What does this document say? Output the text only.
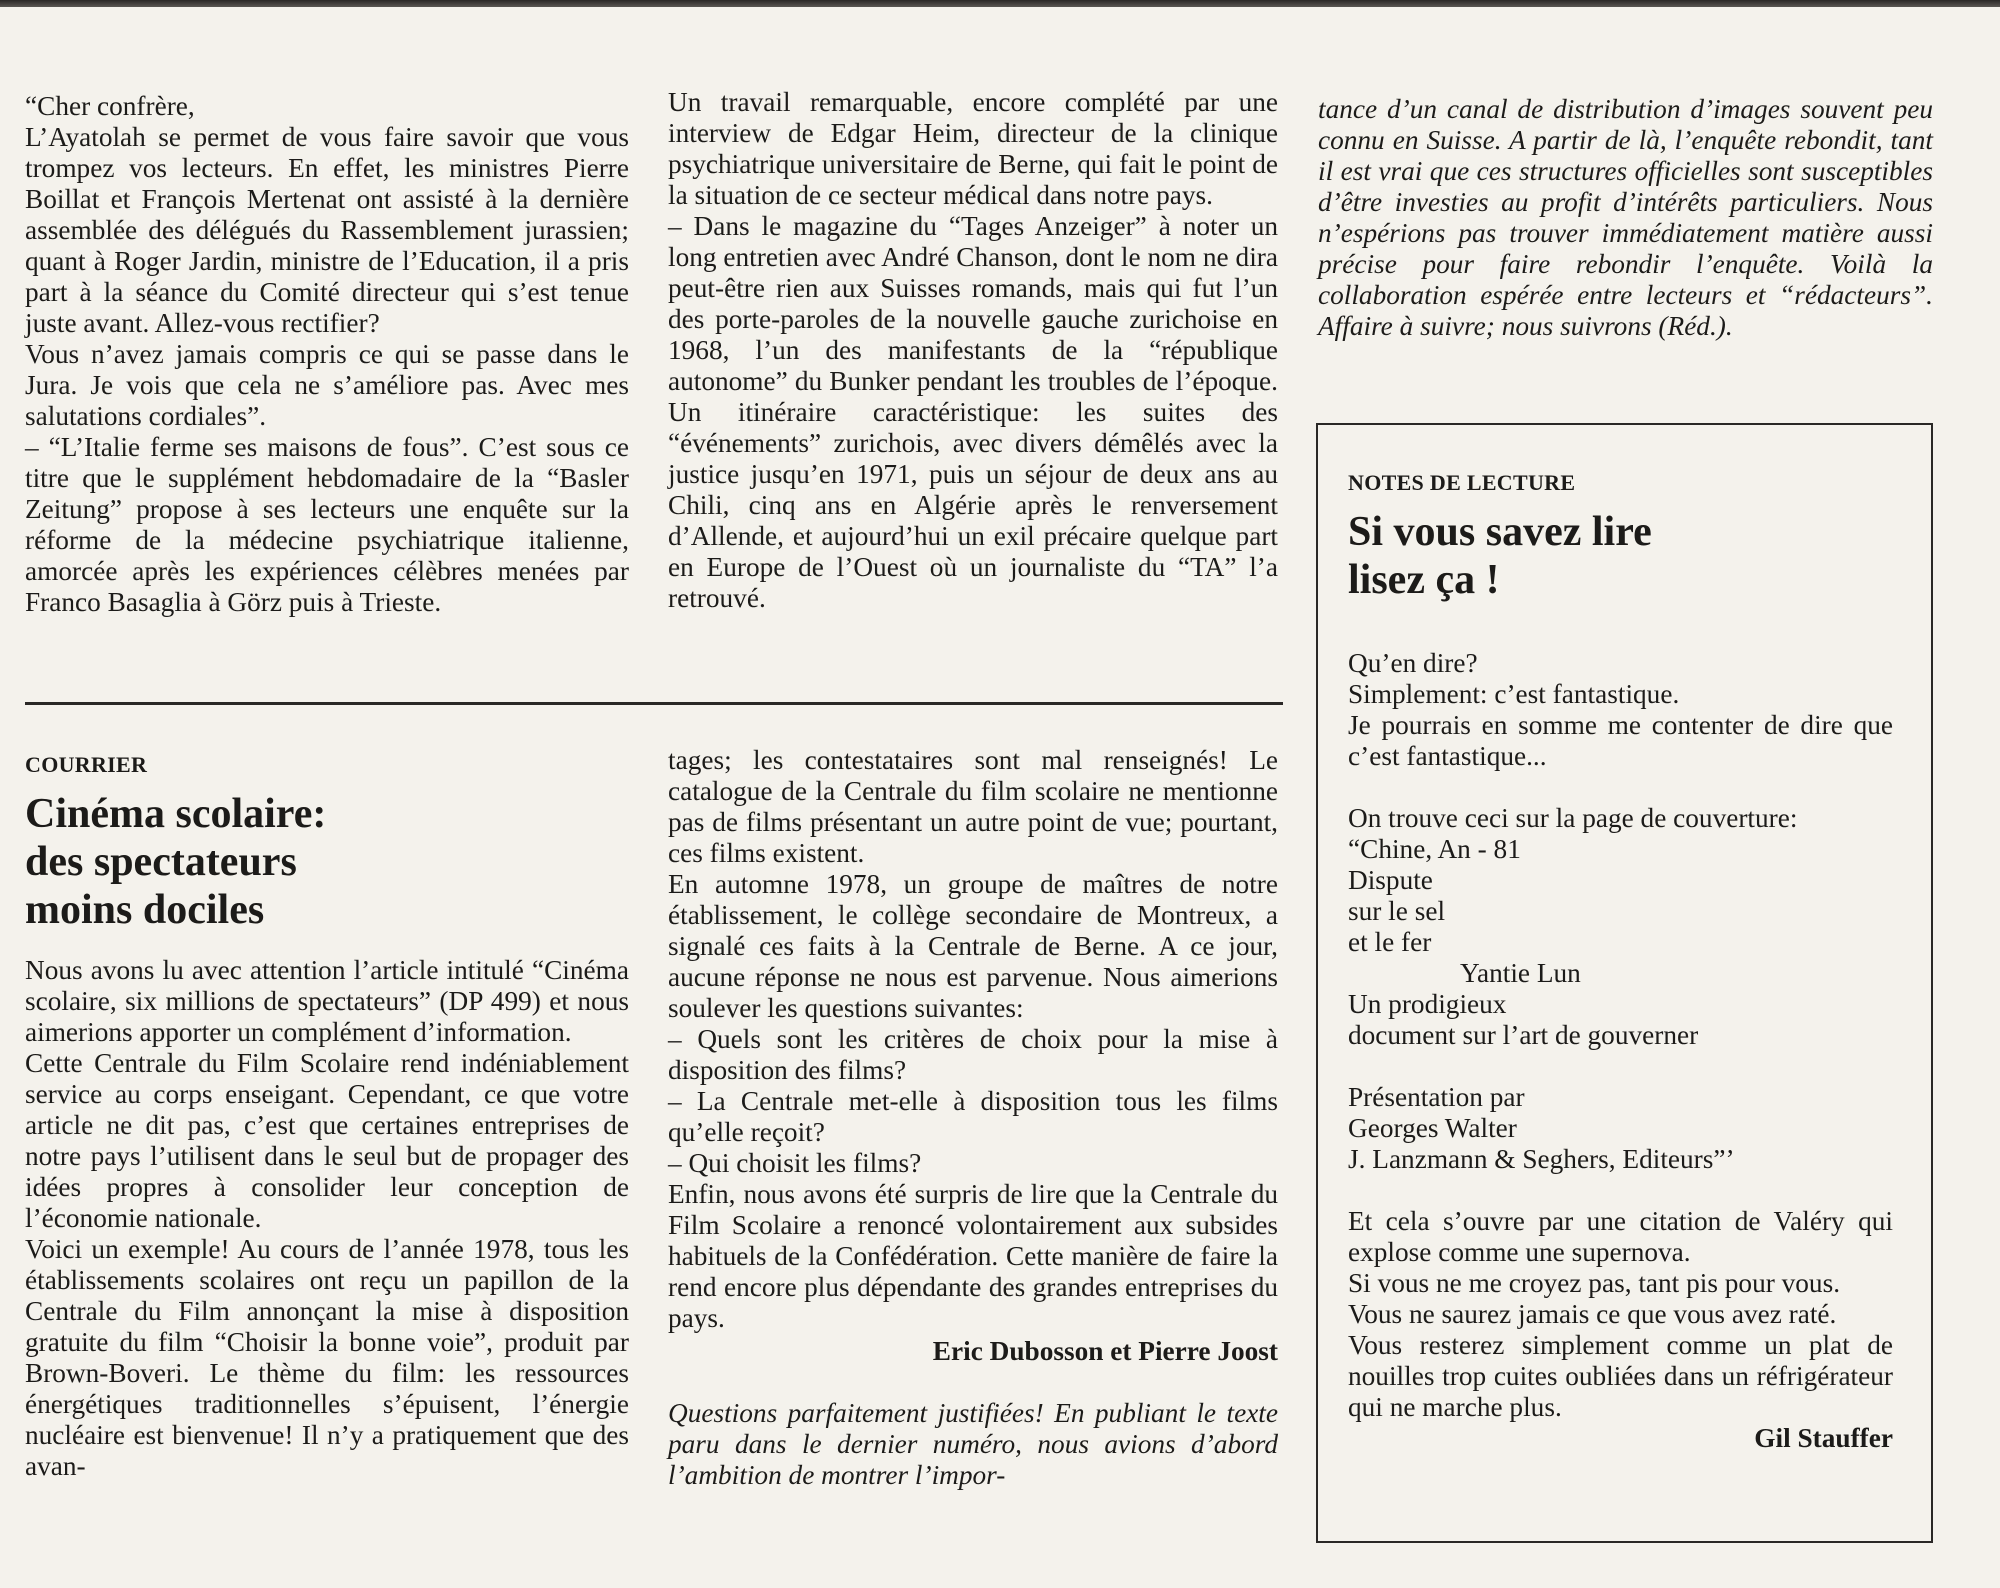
“Cher confrère,

L’Ayatolah se permet de vous faire savoir que vous trompez vos lecteurs. En effet, les ministres Pierre Boillat et François Mertenat ont assisté à la dernière assemblée des délégués du Rassemblement jurassien; quant à Roger Jardin, ministre de l’Education, il a pris part à la séance du Comité directeur qui s’est tenue juste avant. Allez-vous rectifier?

Vous n’avez jamais compris ce qui se passe dans le Jura. Je vois que cela ne s’améliore pas. Avec mes salutations cordiales”.

– “L’Italie ferme ses maisons de fous”. C’est sous ce titre que le supplément hebdomadaire de la “Basler Zeitung” propose à ses lecteurs une enquête sur la réforme de la médecine psychiatrique italienne, amorcée après les expériences célèbres menées par Franco Basaglia à Görz puis à Trieste.

Un travail remarquable, encore complété par une interview de Edgar Heim, directeur de la clinique psychiatrique universitaire de Berne, qui fait le point de la situation de ce secteur médical dans notre pays.

– Dans le magazine du “Tages Anzeiger” à noter un long entretien avec André Chanson, dont le nom ne dira peut-être rien aux Suisses romands, mais qui fut l’un des porte-paroles de la nouvelle gauche zurichoise en 1968, l’un des manifestants de la “république autonome” du Bunker pendant les troubles de l’époque. Un itinéraire caractéristique: les suites des “événements” zurichois, avec divers démêlés avec la justice jusqu’en 1971, puis un séjour de deux ans au Chili, cinq ans en Algérie après le renversement d’Allende, et aujourd’hui un exil précaire quelque part en Europe de l’Ouest où un journaliste du “TA” l’a retrouvé.

tance d’un canal de distribution d’images souvent peu connu en Suisse. A partir de là, l’enquête rebondit, tant il est vrai que ces structures officielles sont susceptibles d’être investies au profit d’intérêts particuliers. Nous n’espérions pas trouver immédiatement matière aussi précise pour faire rebondir l’enquête. Voilà la collaboration espérée entre lecteurs et “rédacteurs”. Affaire à suivre; nous suivrons (Réd.).

COURRIER
Cinéma scolaire:
des spectateurs
moins dociles

Nous avons lu avec attention l’article intitulé “Cinéma scolaire, six millions de spectateurs” (DP 499) et nous aimerions apporter un complément d’information.

Cette Centrale du Film Scolaire rend indéniablement service au corps enseigant. Cependant, ce que votre article ne dit pas, c’est que certaines entreprises de notre pays l’utilisent dans le seul but de propager des idées propres à consolider leur conception de l’économie nationale.

Voici un exemple! Au cours de l’année 1978, tous les établissements scolaires ont reçu un papillon de la Centrale du Film annonçant la mise à disposition gratuite du film “Choisir la bonne voie”, produit par Brown-Boveri. Le thème du film: les ressources énergétiques traditionnelles s’épuisent, l’énergie nucléaire est bienvenue! Il n’y a pratiquement que des avan-

tages; les contestataires sont mal renseignés! Le catalogue de la Centrale du film scolaire ne mentionne pas de films présentant un autre point de vue; pourtant, ces films existent.

En automne 1978, un groupe de maîtres de notre établissement, le collège secondaire de Montreux, a signalé ces faits à la Centrale de Berne. A ce jour, aucune réponse ne nous est parvenue. Nous aimerions soulever les questions suivantes:

– Quels sont les critères de choix pour la mise à disposition des films?

– La Centrale met-elle à disposition tous les films qu’elle reçoit?

– Qui choisit les films?

Enfin, nous avons été surpris de lire que la Centrale du Film Scolaire a renoncé volontairement aux subsides habituels de la Confédération. Cette manière de faire la rend encore plus dépendante des grandes entreprises du pays.

Eric Dubosson et Pierre Joost

Questions parfaitement justifiées! En publiant le texte paru dans le dernier numéro, nous avions d’abord l’ambition de montrer l’impor-

NOTES DE LECTURE
Si vous savez lire
lisez ça !

Qu’en dire?

Simplement: c’est fantastique.

Je pourrais en somme me contenter de dire que c’est fantastique...

On trouve ceci sur la page de couverture:

“Chine, An - 81

Dispute

sur le sel

et le fer

Yantie Lun

Un prodigieux

document sur l’art de gouverner

Présentation par

Georges Walter

J. Lanzmann & Seghers, Editeurs”’

Et cela s’ouvre par une citation de Valéry qui explose comme une supernova.

Si vous ne me croyez pas, tant pis pour vous.

Vous ne saurez jamais ce que vous avez raté.

Vous resterez simplement comme un plat de nouilles trop cuites oubliées dans un réfrigérateur qui ne marche plus.

Gil Stauffer
